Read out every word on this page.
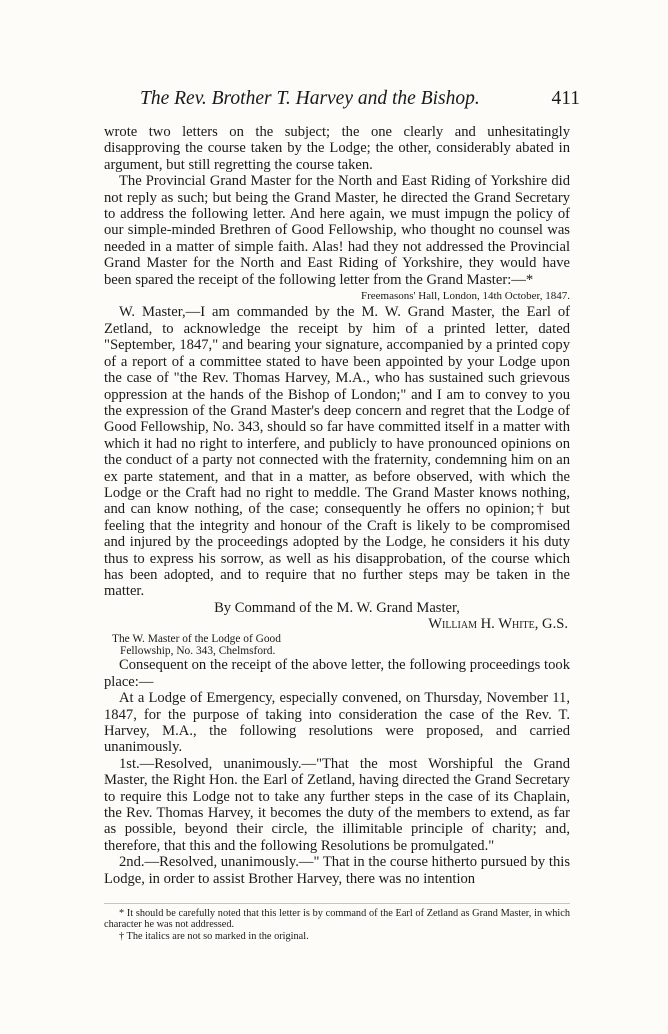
The Rev. Brother T. Harvey and the Bishop.	411

wrote two letters on the subject; the one clearly and unhesitatingly disapproving the course taken by the Lodge; the other, considerably abated in argument, but still regretting the course taken.

The Provincial Grand Master for the North and East Riding of Yorkshire did not reply as such; but being the Grand Master, he directed the Grand Secretary to address the following letter. And here again, we must impugn the policy of our simple-minded Brethren of Good Fellowship, who thought no counsel was needed in a matter of simple faith. Alas! had they not addressed the Provincial Grand Master for the North and East Riding of Yorkshire, they would have been spared the receipt of the following letter from the Grand Master:—*

Freemasons' Hall, London, 14th October, 1847.

W. Master,—I am commanded by the M. W. Grand Master, the Earl of Zetland, to acknowledge the receipt by him of a printed letter, dated "September, 1847," and bearing your signature, accompanied by a printed copy of a report of a committee stated to have been appointed by your Lodge upon the case of "the Rev. Thomas Harvey, M.A., who has sustained such grievous oppression at the hands of the Bishop of London;" and I am to convey to you the expression of the Grand Master's deep concern and regret that the Lodge of Good Fellowship, No. 343, should so far have committed itself in a matter with which it had no right to interfere, and publicly to have pronounced opinions on the conduct of a party not connected with the fraternity, condemning him on an ex parte statement, and that in a matter, as before observed, with which the Lodge or the Craft had no right to meddle. The Grand Master knows nothing, and can know nothing, of the case; consequently he offers no opinion;† but feeling that the integrity and honour of the Craft is likely to be compromised and injured by the proceedings adopted by the Lodge, he considers it his duty thus to express his sorrow, as well as his disapprobation, of the course which has been adopted, and to require that no further steps may be taken in the matter.

By Command of the M. W. Grand Master,

William H. White, G.S.

The W. Master of the Lodge of Good
Fellowship, No. 343, Chelmsford.

Consequent on the receipt of the above letter, the following proceedings took place:—

At a Lodge of Emergency, especially convened, on Thursday, November 11, 1847, for the purpose of taking into consideration the case of the Rev. T. Harvey, M.A., the following resolutions were proposed, and carried unanimously.

1st.—Resolved, unanimously.—"That the most Worshipful the Grand Master, the Right Hon. the Earl of Zetland, having directed the Grand Secretary to require this Lodge not to take any further steps in the case of its Chaplain, the Rev. Thomas Harvey, it becomes the duty of the members to extend, as far as possible, beyond their circle, the illimitable principle of charity; and, therefore, that this and the following Resolutions be promulgated."

2nd.—Resolved, unanimously.—" That in the course hitherto pursued by this Lodge, in order to assist Brother Harvey, there was no intention

* It should be carefully noted that this letter is by command of the Earl of Zetland as Grand Master, in which character he was not addressed.

† The italics are not so marked in the original.
